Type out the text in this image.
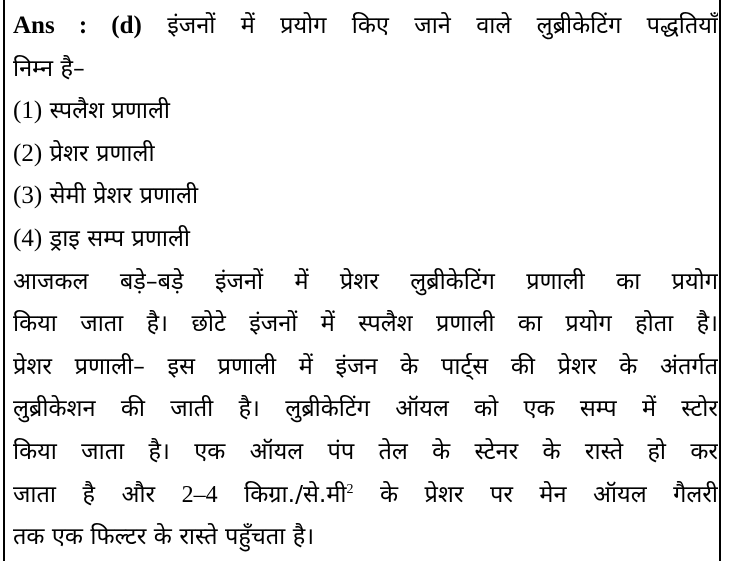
Ans : (d) इंजनों में प्रयोग किए जाने वाले लुब्रीकेटिंग पद्धतियाँ
निम्न है–
(1) स्पलैश प्रणाली
(2) प्रेशर प्रणाली
(3) सेमी प्रेशर प्रणाली
(4) ड्राइ सम्प प्रणाली
आजकल बड़े–बड़े इंजनों में प्रेशर लुब्रीकेटिंग प्रणाली का प्रयोग
किया जाता है। छोटे इंजनों में स्पलैश प्रणाली का प्रयोग होता है।
प्रेशर प्रणाली– इस प्रणाली में इंजन के पार्ट्स की प्रेशर के अंतर्गत
लुब्रीकेशन की जाती है। लुब्रीकेटिंग ऑयल को एक सम्प में स्टोर
किया जाता है। एक ऑयल पंप तेल के स्टेनर के रास्ते हो कर
जाता है और 2–4 किग्रा./से.मी$^2$ के प्रेशर पर मेन ऑयल गैलरी
तक एक फिल्टर के रास्ते पहुँचता है।
